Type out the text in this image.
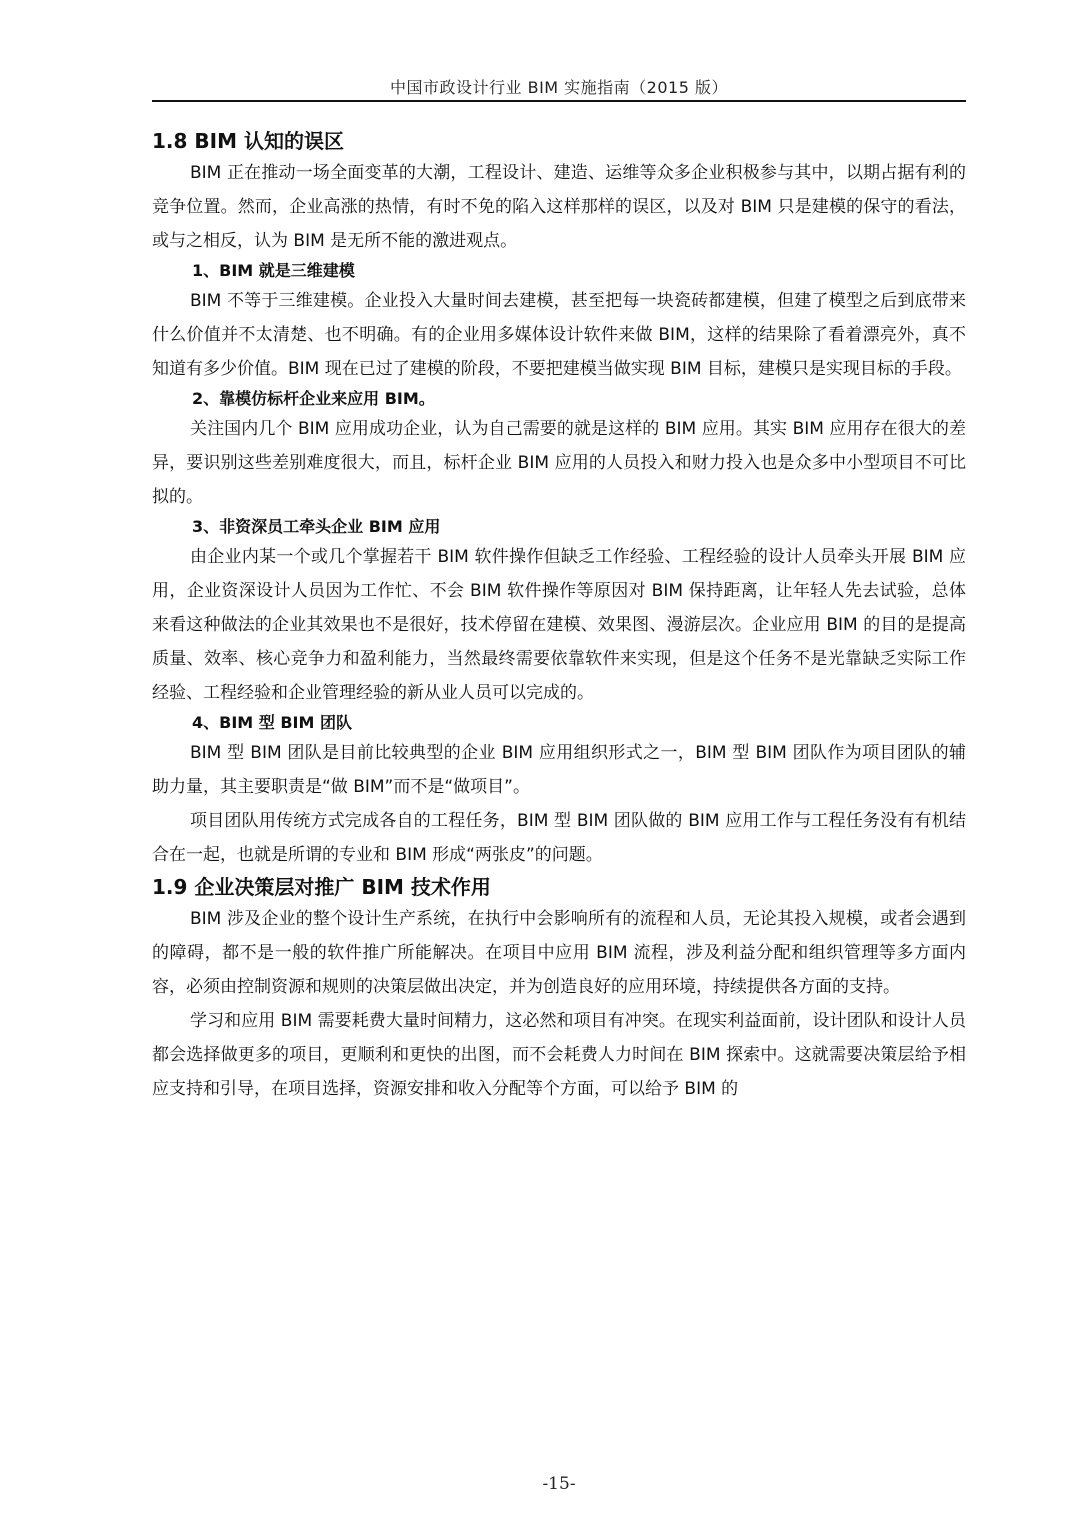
中国市政设计行业 BIM 实施指南（2015 版）
1.8 BIM 认知的误区

BIM 正在推动一场全面变革的大潮，工程设计、建造、运维等众多企业积极参与其中，以期占据有利的竞争位置。然而，企业高涨的热情，有时不免的陷入这样那样的误区，以及对 BIM 只是建模的保守的看法，或与之相反，认为 BIM 是无所不能的激进观点。

1、BIM 就是三维建模

BIM 不等于三维建模。企业投入大量时间去建模，甚至把每一块瓷砖都建模，但建了模型之后到底带来什么价值并不太清楚、也不明确。有的企业用多媒体设计软件来做 BIM，这样的结果除了看着漂亮外，真不知道有多少价值。BIM 现在已过了建模的阶段，不要把建模当做实现 BIM 目标，建模只是实现目标的手段。

2、靠模仿标杆企业来应用 BIM。

关注国内几个 BIM 应用成功企业，认为自己需要的就是这样的 BIM 应用。其实 BIM 应用存在很大的差异，要识别这些差别难度很大，而且，标杆企业 BIM 应用的人员投入和财力投入也是众多中小型项目不可比拟的。

3、非资深员工牵头企业 BIM 应用

由企业内某一个或几个掌握若干 BIM 软件操作但缺乏工作经验、工程经验的设计人员牵头开展 BIM 应用，企业资深设计人员因为工作忙、不会 BIM 软件操作等原因对 BIM 保持距离，让年轻人先去试验，总体来看这种做法的企业其效果也不是很好，技术停留在建模、效果图、漫游层次。企业应用 BIM 的目的是提高质量、效率、核心竞争力和盈利能力，当然最终需要依靠软件来实现，但是这个任务不是光靠缺乏实际工作经验、工程经验和企业管理经验的新从业人员可以完成的。

4、BIM 型 BIM 团队

BIM 型 BIM 团队是目前比较典型的企业 BIM 应用组织形式之一，BIM 型 BIM 团队作为项目团队的辅助力量，其主要职责是“做 BIM”而不是“做项目”。

项目团队用传统方式完成各自的工程任务，BIM 型 BIM 团队做的 BIM 应用工作与工程任务没有有机结合在一起，也就是所谓的专业和 BIM 形成“两张皮”的问题。

1.9 企业决策层对推广 BIM 技术作用

BIM 涉及企业的整个设计生产系统，在执行中会影响所有的流程和人员，无论其投入规模，或者会遇到的障碍，都不是一般的软件推广所能解决。在项目中应用 BIM 流程，涉及利益分配和组织管理等多方面内容，必须由控制资源和规则的决策层做出决定，并为创造良好的应用环境，持续提供各方面的支持。

学习和应用 BIM 需要耗费大量时间精力，这必然和项目有冲突。在现实利益面前，设计团队和设计人员都会选择做更多的项目，更顺利和更快的出图，而不会耗费人力时间在 BIM 探索中。这就需要决策层给予相应支持和引导，在项目选择，资源安排和收入分配等个方面，可以给予 BIM 的

-15-
